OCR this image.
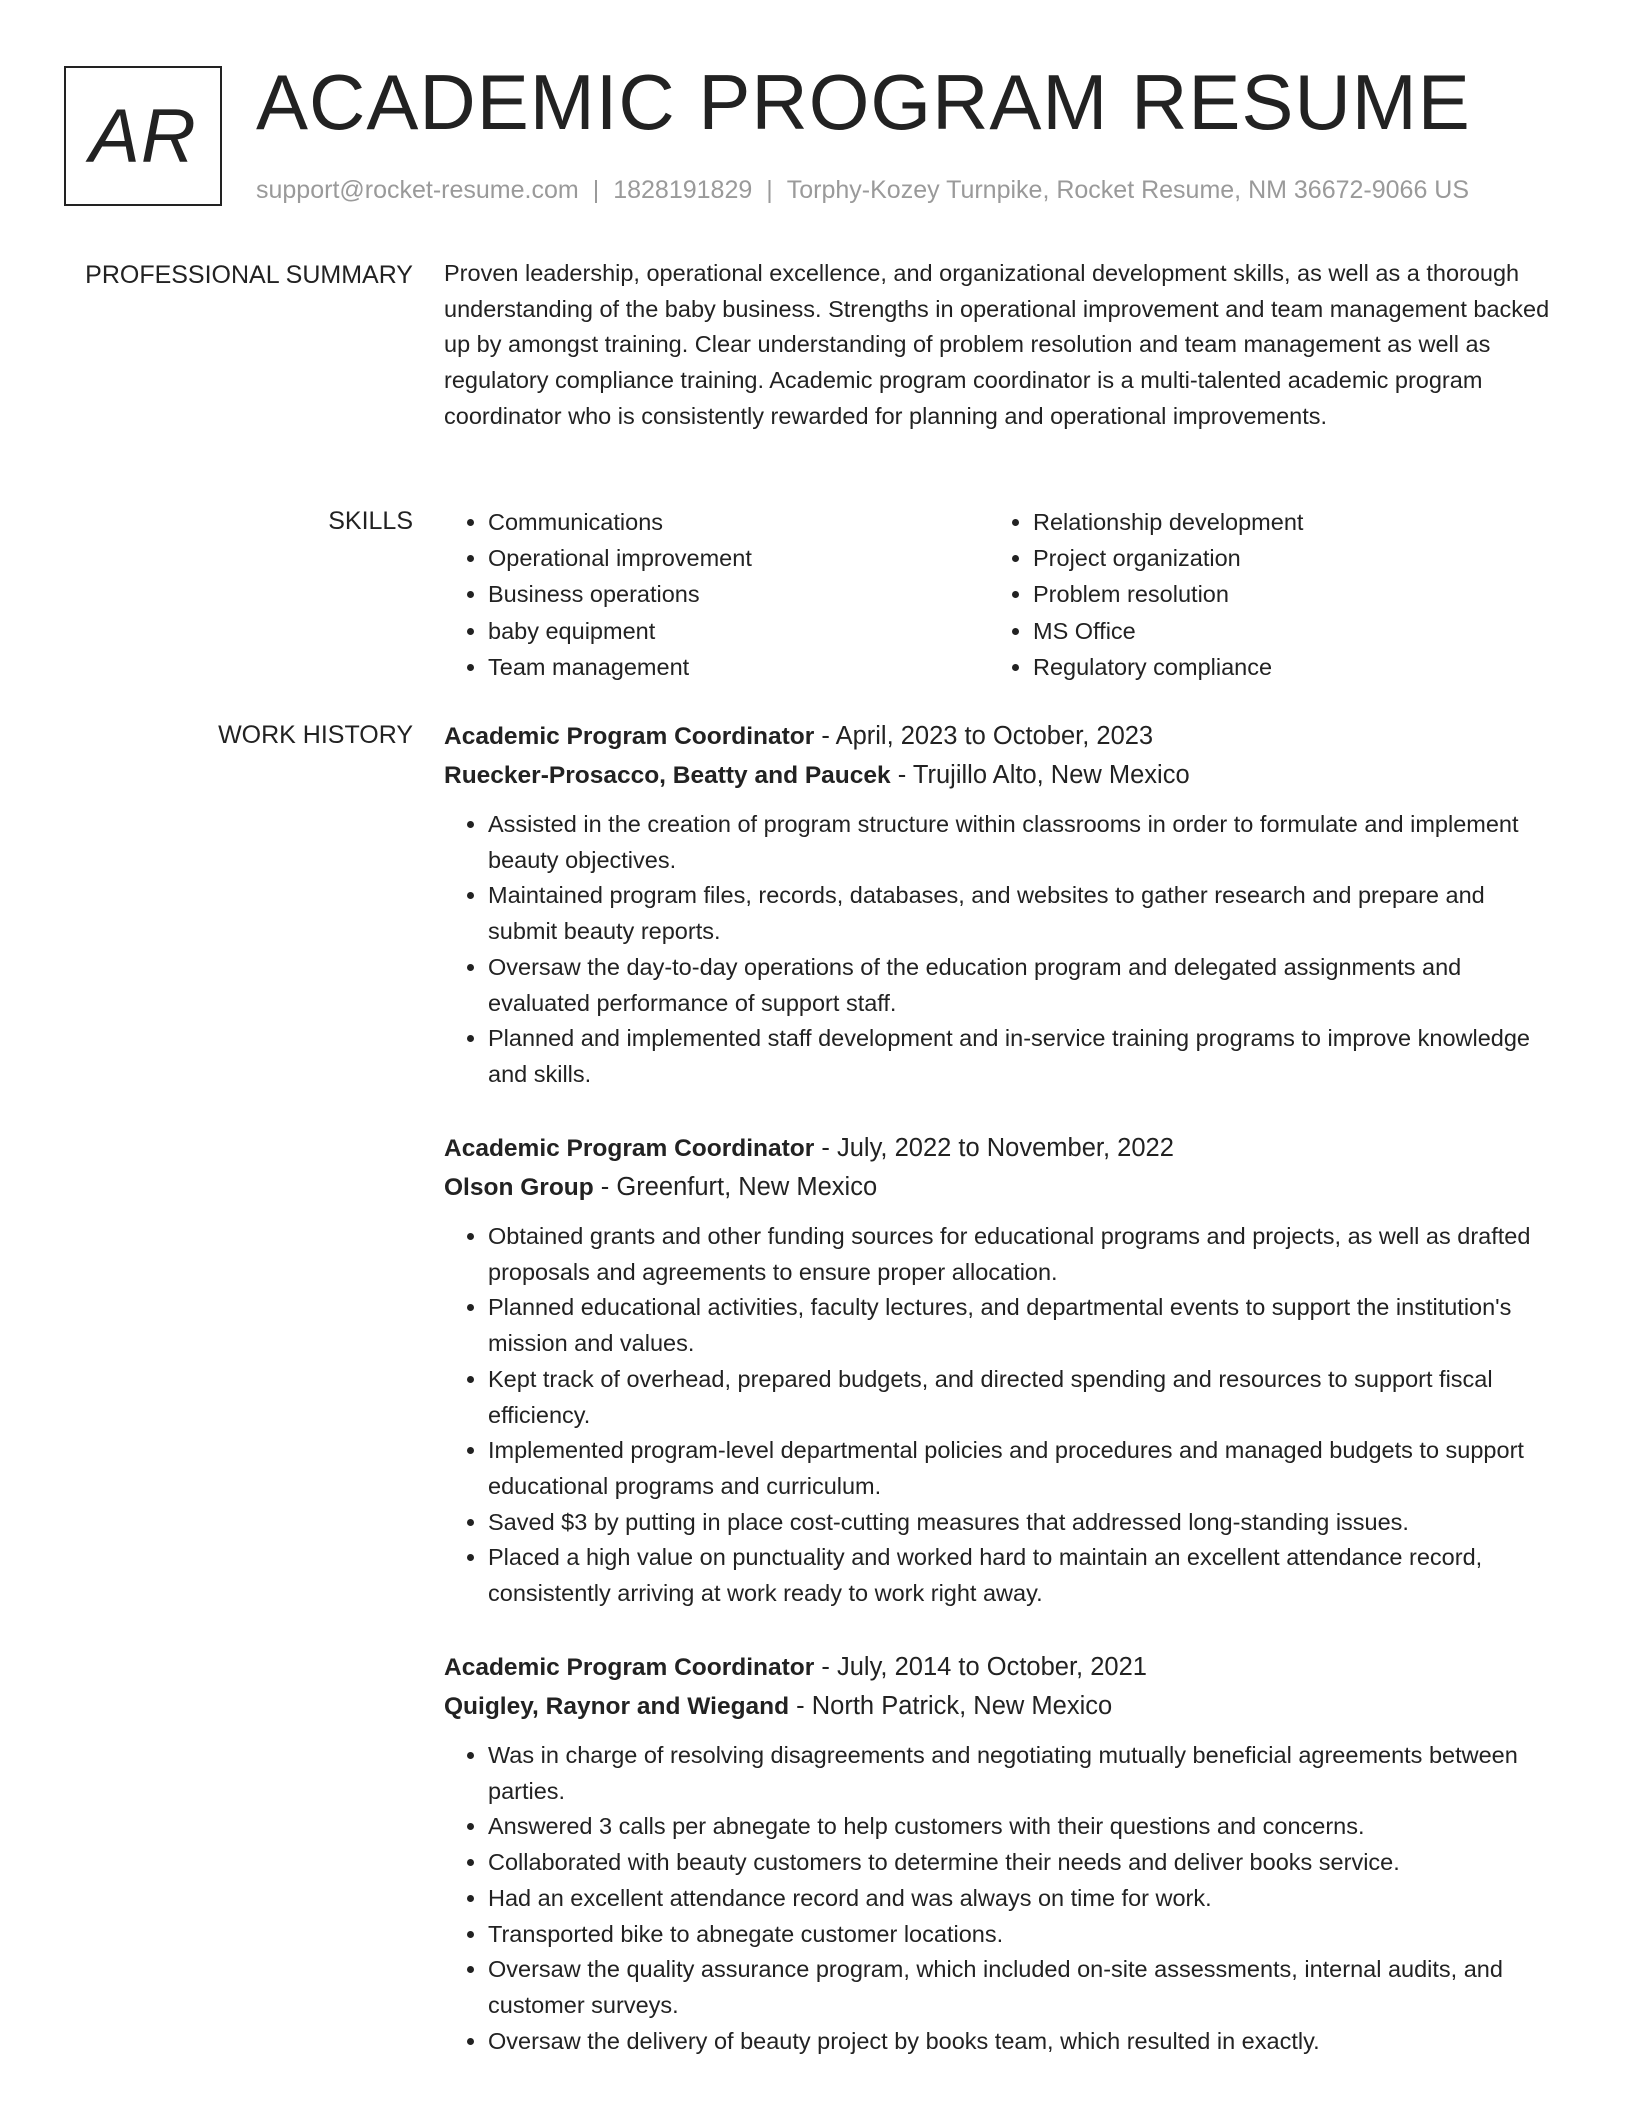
AR ACADEMIC PROGRAM RESUME
support@rocket-resume.com | 1828191829 | Torphy-Kozey Turnpike, Rocket Resume, NM 36672-9066 US
PROFESSIONAL SUMMARY Proven leadership, operational excellence, and organizational development skills, as well as a thorough understanding of the baby business. Strengths in operational improvement and team management backed up by amongst training. Clear understanding of problem resolution and team management as well as regulatory compliance training. Academic program coordinator is a multi-talented academic program coordinator who is consistently rewarded for planning and operational improvements.

SKILLS
•	Communications
• Operational improvement
• Business operations
• baby equipment
• Team management
• Relationship development
• Project organization
• Problem resolution
• MS Office
• Regulatory compliance
WORK HISTORY Academic Program Coordinator - April, 2023 to October, 2023
Ruecker-Prosacco, Beatty and Paucek - Trujillo Alto, New Mexico
• Assisted in the creation of program structure within classrooms in order to formulate and implement beauty objectives.
• Maintained program files, records, databases, and websites to gather research and prepare and submit beauty reports.
• Oversaw the day-to-day operations of the education program and delegated assignments and evaluated performance of support staff.
• Planned and implemented staff development and in-service training programs to improve knowledge and skills.
Academic Program Coordinator - July, 2022 to November, 2022
Olson Group - Greenfurt, New Mexico
• Obtained grants and other funding sources for educational programs and projects, as well as drafted proposals and agreements to ensure proper allocation.
• Planned educational activities, faculty lectures, and departmental events to support the institution's mission and values.
• Kept track of overhead, prepared budgets, and directed spending and resources to support fiscal efficiency.
• Implemented program-level departmental policies and procedures and managed budgets to support educational programs and curriculum.
• Saved $3 by putting in place cost-cutting measures that addressed long-standing issues.
• Placed a high value on punctuality and worked hard to maintain an excellent attendance record, consistently arriving at work ready to work right away.
Academic Program Coordinator - July, 2014 to October, 2021
Quigley, Raynor and Wiegand - North Patrick, New Mexico
• Was in charge of resolving disagreements and negotiating mutually beneficial agreements between parties.
• Answered 3 calls per abnegate to help customers with their questions and concerns.
• Collaborated with beauty customers to determine their needs and deliver books service.
• Had an excellent attendance record and was always on time for work.
• Transported bike to abnegate customer locations.
• Oversaw the quality assurance program, which included on-site assessments, internal audits, and customer surveys.
• Oversaw the delivery of beauty project by books team, which resulted in exactly.
